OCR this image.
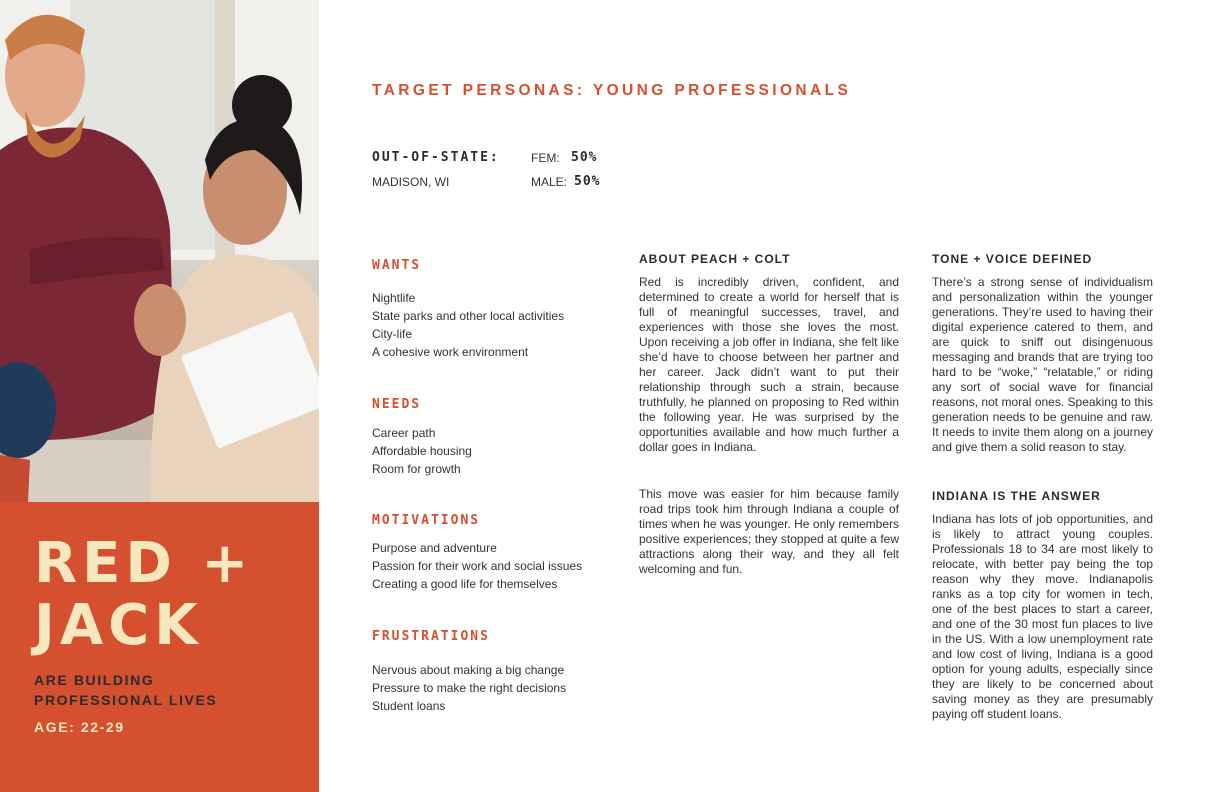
RED +
JACK
ARE BUILDING
PROFESSIONAL LIVES
AGE: 22-29
TARGET PERSONAS: YOUNG PROFESSIONALS
OUT-OF-STATE:
MADISON, WI
FEM: 50%
MALE: 50%
WANTS
Nightlife
State parks and other local activities
City-life
A cohesive work environment
NEEDS
Career path
Affordable housing
Room for growth
MOTIVATIONS
Purpose and adventure
Passion for their work and social issues
Creating a good life for themselves
FRUSTRATIONS
Nervous about making a big change
Pressure to make the right decisions
Student loans
ABOUT PEACH + COLT

Red is incredibly driven, confident, and determined to create a world for herself that is full of meaningful successes, travel, and experiences with those she loves the most. Upon receiving a job offer in Indiana, she felt like she’d have to choose between her partner and her career. Jack didn’t want to put their relationship through such a strain, because truthfully, he planned on proposing to Red within the following year. He was surprised by the opportunities available and how much further a dollar goes in Indiana.

This move was easier for him because family road trips took him through Indiana a couple of times when he was younger. He only remembers positive experiences; they stopped at quite a few attractions along their way, and they all felt welcoming and fun.

TONE + VOICE DEFINED

There’s a strong sense of individualism and personalization within the younger generations. They’re used to having their digital experience catered to them, and are quick to sniff out disingenuous messaging and brands that are trying too hard to be “woke,” “relatable,” or riding any sort of social wave for financial reasons, not moral ones. Speaking to this generation needs to be genuine and raw. It needs to invite them along on a journey and give them a solid reason to stay.

INDIANA IS THE ANSWER

Indiana has lots of job opportunities, and is likely to attract young couples. Professionals 18 to 34 are most likely to relocate, with better pay being the top reason why they move. Indianapolis ranks as a top city for women in tech, one of the best places to start a career, and one of the 30 most fun places to live in the US. With a low unemployment rate and low cost of living, Indiana is a good option for young adults, especially since they are likely to be concerned about saving money as they are presumably paying off student loans.
